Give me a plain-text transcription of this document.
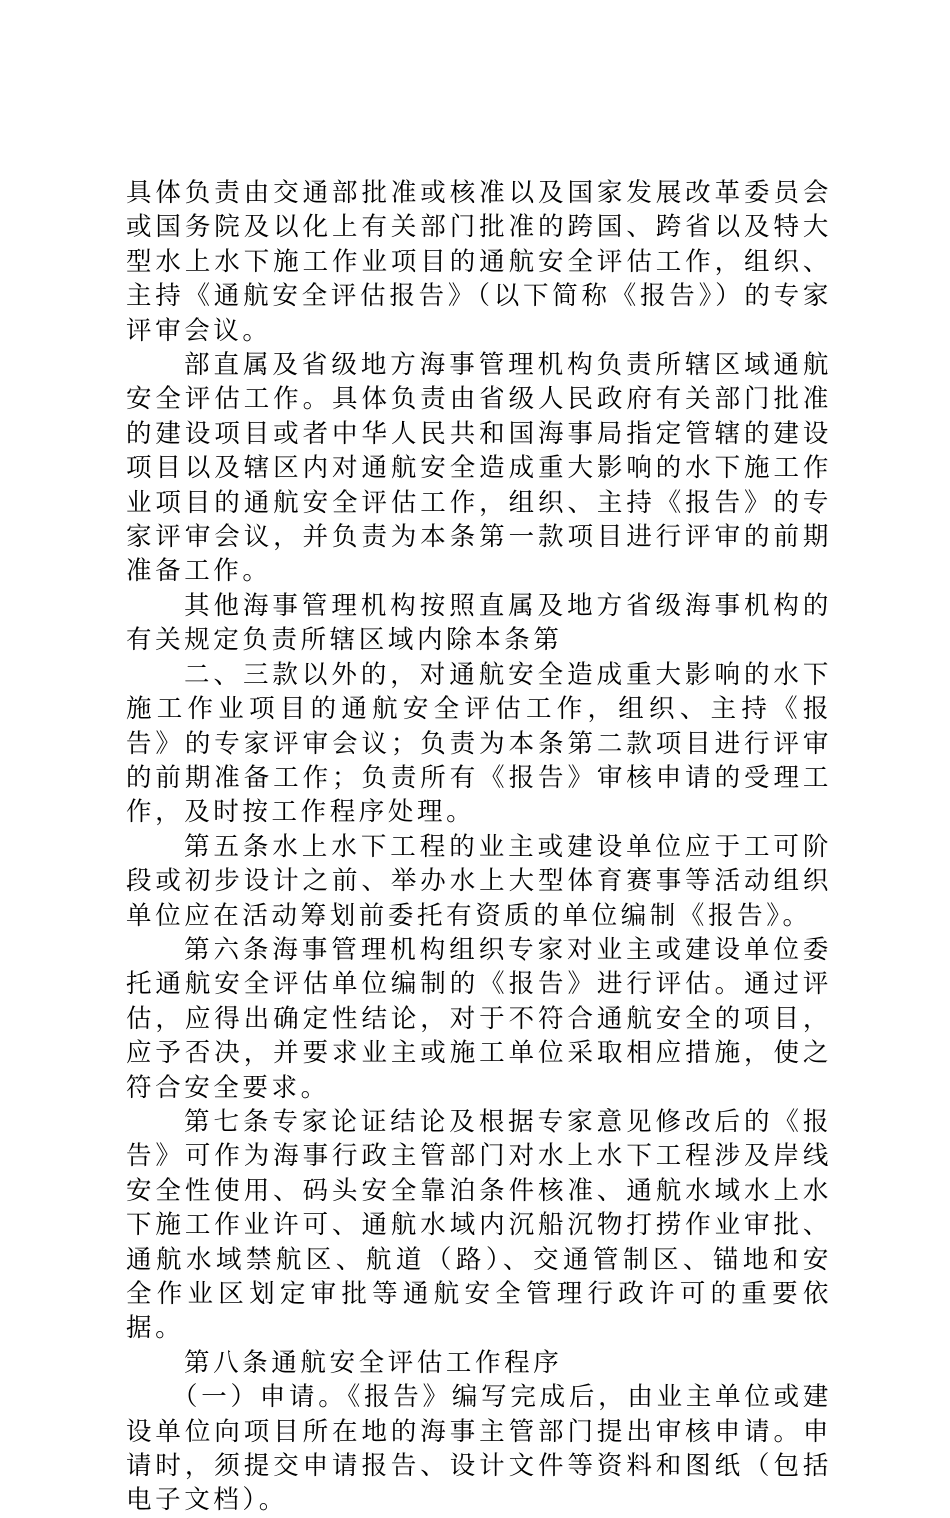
具体负责由交通部批准或核准以及国家发展改革委员会或国务院及以化上有关部门批准的跨国、跨省以及特大型水上水下施工作业项目的通航安全评估工作，组织、主持《通航安全评估报告》（以下简称《报告》）的专家评审会议。

部直属及省级地方海事管理机构负责所辖区域通航安全评估工作。具体负责由省级人民政府有关部门批准的建设项目或者中华人民共和国海事局指定管辖的建设项目以及辖区内对通航安全造成重大影响的水下施工作业项目的通航安全评估工作，组织、主持《报告》的专家评审会议，并负责为本条第一款项目进行评审的前期准备工作。

其他海事管理机构按照直属及地方省级海事机构的有关规定负责所辖区域内除本条第

二、三款以外的，对通航安全造成重大影响的水下施工作业项目的通航安全评估工作，组织、主持《报告》的专家评审会议；负责为本条第二款项目进行评审的前期准备工作；负责所有《报告》审核申请的受理工作，及时按工作程序处理。

第五条水上水下工程的业主或建设单位应于工可阶段或初步设计之前、举办水上大型体育赛事等活动组织单位应在活动筹划前委托有资质的单位编制《报告》。

第六条海事管理机构组织专家对业主或建设单位委托通航安全评估单位编制的《报告》进行评估。通过评估，应得出确定性结论，对于不符合通航安全的项目，应予否决，并要求业主或施工单位采取相应措施，使之符合安全要求。

第七条专家论证结论及根据专家意见修改后的《报告》可作为海事行政主管部门对水上水下工程涉及岸线安全性使用、码头安全靠泊条件核准、通航水域水上水下施工作业许可、通航水域内沉船沉物打捞作业审批、通航水域禁航区、航道（路）、交通管制区、锚地和安全作业区划定审批等通航安全管理行政许可的重要依据。

第八条通航安全评估工作程序

（一）申请。《报告》编写完成后，由业主单位或建设单位向项目所在地的海事主管部门提出审核申请。申请时，须提交申请报告、设计文件等资料和图纸（包括电子文档）。
